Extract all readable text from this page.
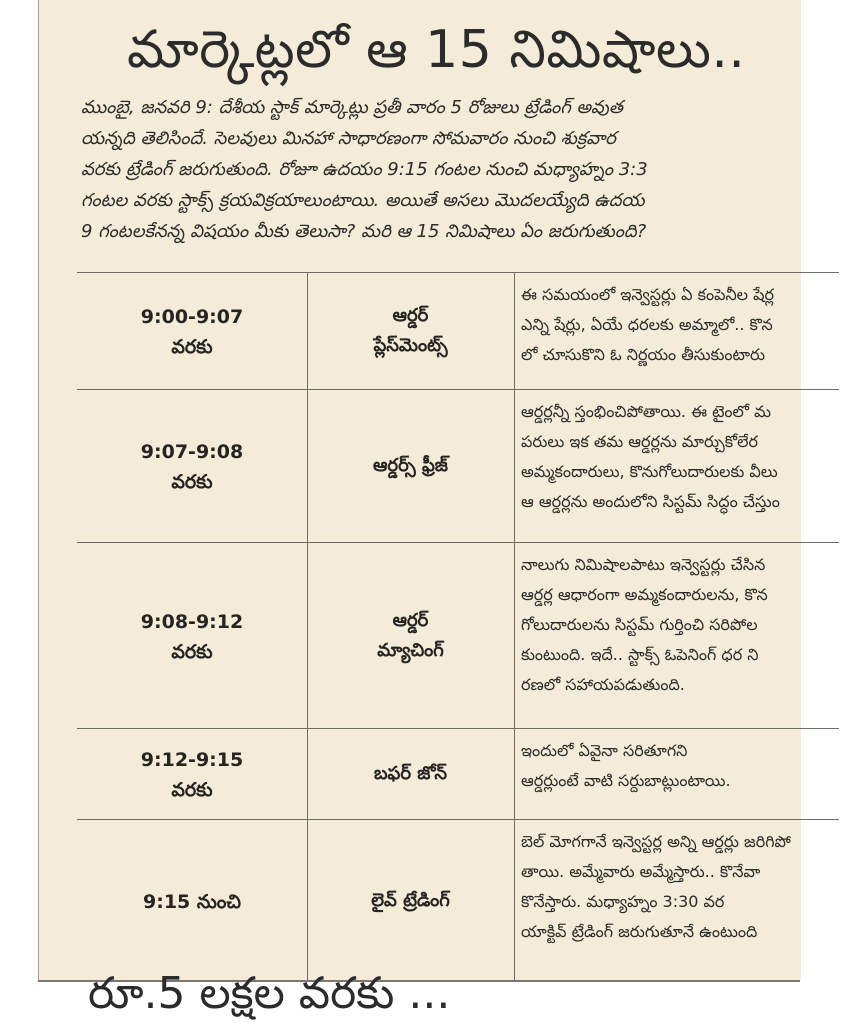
మార్కెట్లలో ఆ 15 నిమిషాలు..
ముంబై, జనవరి 9: దేశీయ స్టాక్ మార్కెట్లు ప్రతీ వారం 5 రోజులు ట్రేడింగ్ అవుత
యన్నది తెలిసిందే. సెలవులు మినహా సాధారణంగా సోమవారం నుంచి శుక్రవార
వరకు ట్రేడింగ్ జరుగుతుంది. రోజూ ఉదయం 9:15 గంటల నుంచి మధ్యాహ్నం 3:3
గంటల వరకు స్టాక్స్ క్రయవిక్రయాలుంటాయి. అయితే అసలు మొదలయ్యేది ఉదయ
9 గంటలకేనన్న విషయం మీకు తెలుసా? మరి ఆ 15 నిమిషాలు ఏం జరుగుతుంది?
9:00-9:07
వరకు
ఆర్డర్
ప్లేస్‌మెంట్స్
ఈ సమయంలో ఇన్వెస్టర్లు ఏ కంపెనీల షేర్ల
ఎన్ని షేర్లు, ఏయే ధరలకు అమ్మాలో.. కొన
లో చూసుకొని ఓ నిర్ణయం తీసుకుంటారు
9:07-9:08
వరకు
ఆర్డర్స్ ఫ్రీజ్
ఆర్డర్లన్నీ స్తంభించిపోతాయి. ఈ టైంలో మ
పరులు ఇక తమ ఆర్డర్లను మార్చుకోలేర
అమ్మకందారులు, కొనుగోలుదారులకు వీలు
ఆ ఆర్డర్లను అందులోని సిస్టమ్ సిద్ధం చేస్తుం
9:08-9:12
వరకు
ఆర్డర్
మ్యాచింగ్
నాలుగు నిమిషాలపాటు ఇన్వెస్టర్లు చేసిన
ఆర్డర్ల ఆధారంగా అమ్మకందారులను, కొన
గోలుదారులను సిస్టమ్ గుర్తించి సరిపోల
కుంటుంది. ఇదే.. స్టాక్స్ ఓపెనింగ్ ధర ని
రణలో సహాయపడుతుంది.
9:12-9:15
వరకు
బఫర్ జోన్
ఇందులో ఏవైనా సరితూగని
ఆర్డర్లుంటే వాటి సర్దుబాట్లుంటాయి.
9:15 నుంచి	లైవ్ ట్రేడింగ్
బెల్ మోగగానే ఇన్వెస్టర్ల అన్ని ఆర్డర్లు జరిగిపో
తాయి. అమ్మేవారు అమ్మేస్తారు.. కొనేవా
కొనేస్తారు. మధ్యాహ్నం 3:30 వర
యాక్టివ్ ట్రేడింగ్ జరుగుతూనే ఉంటుంది
రూ.5 లక్షల వరకు ...
